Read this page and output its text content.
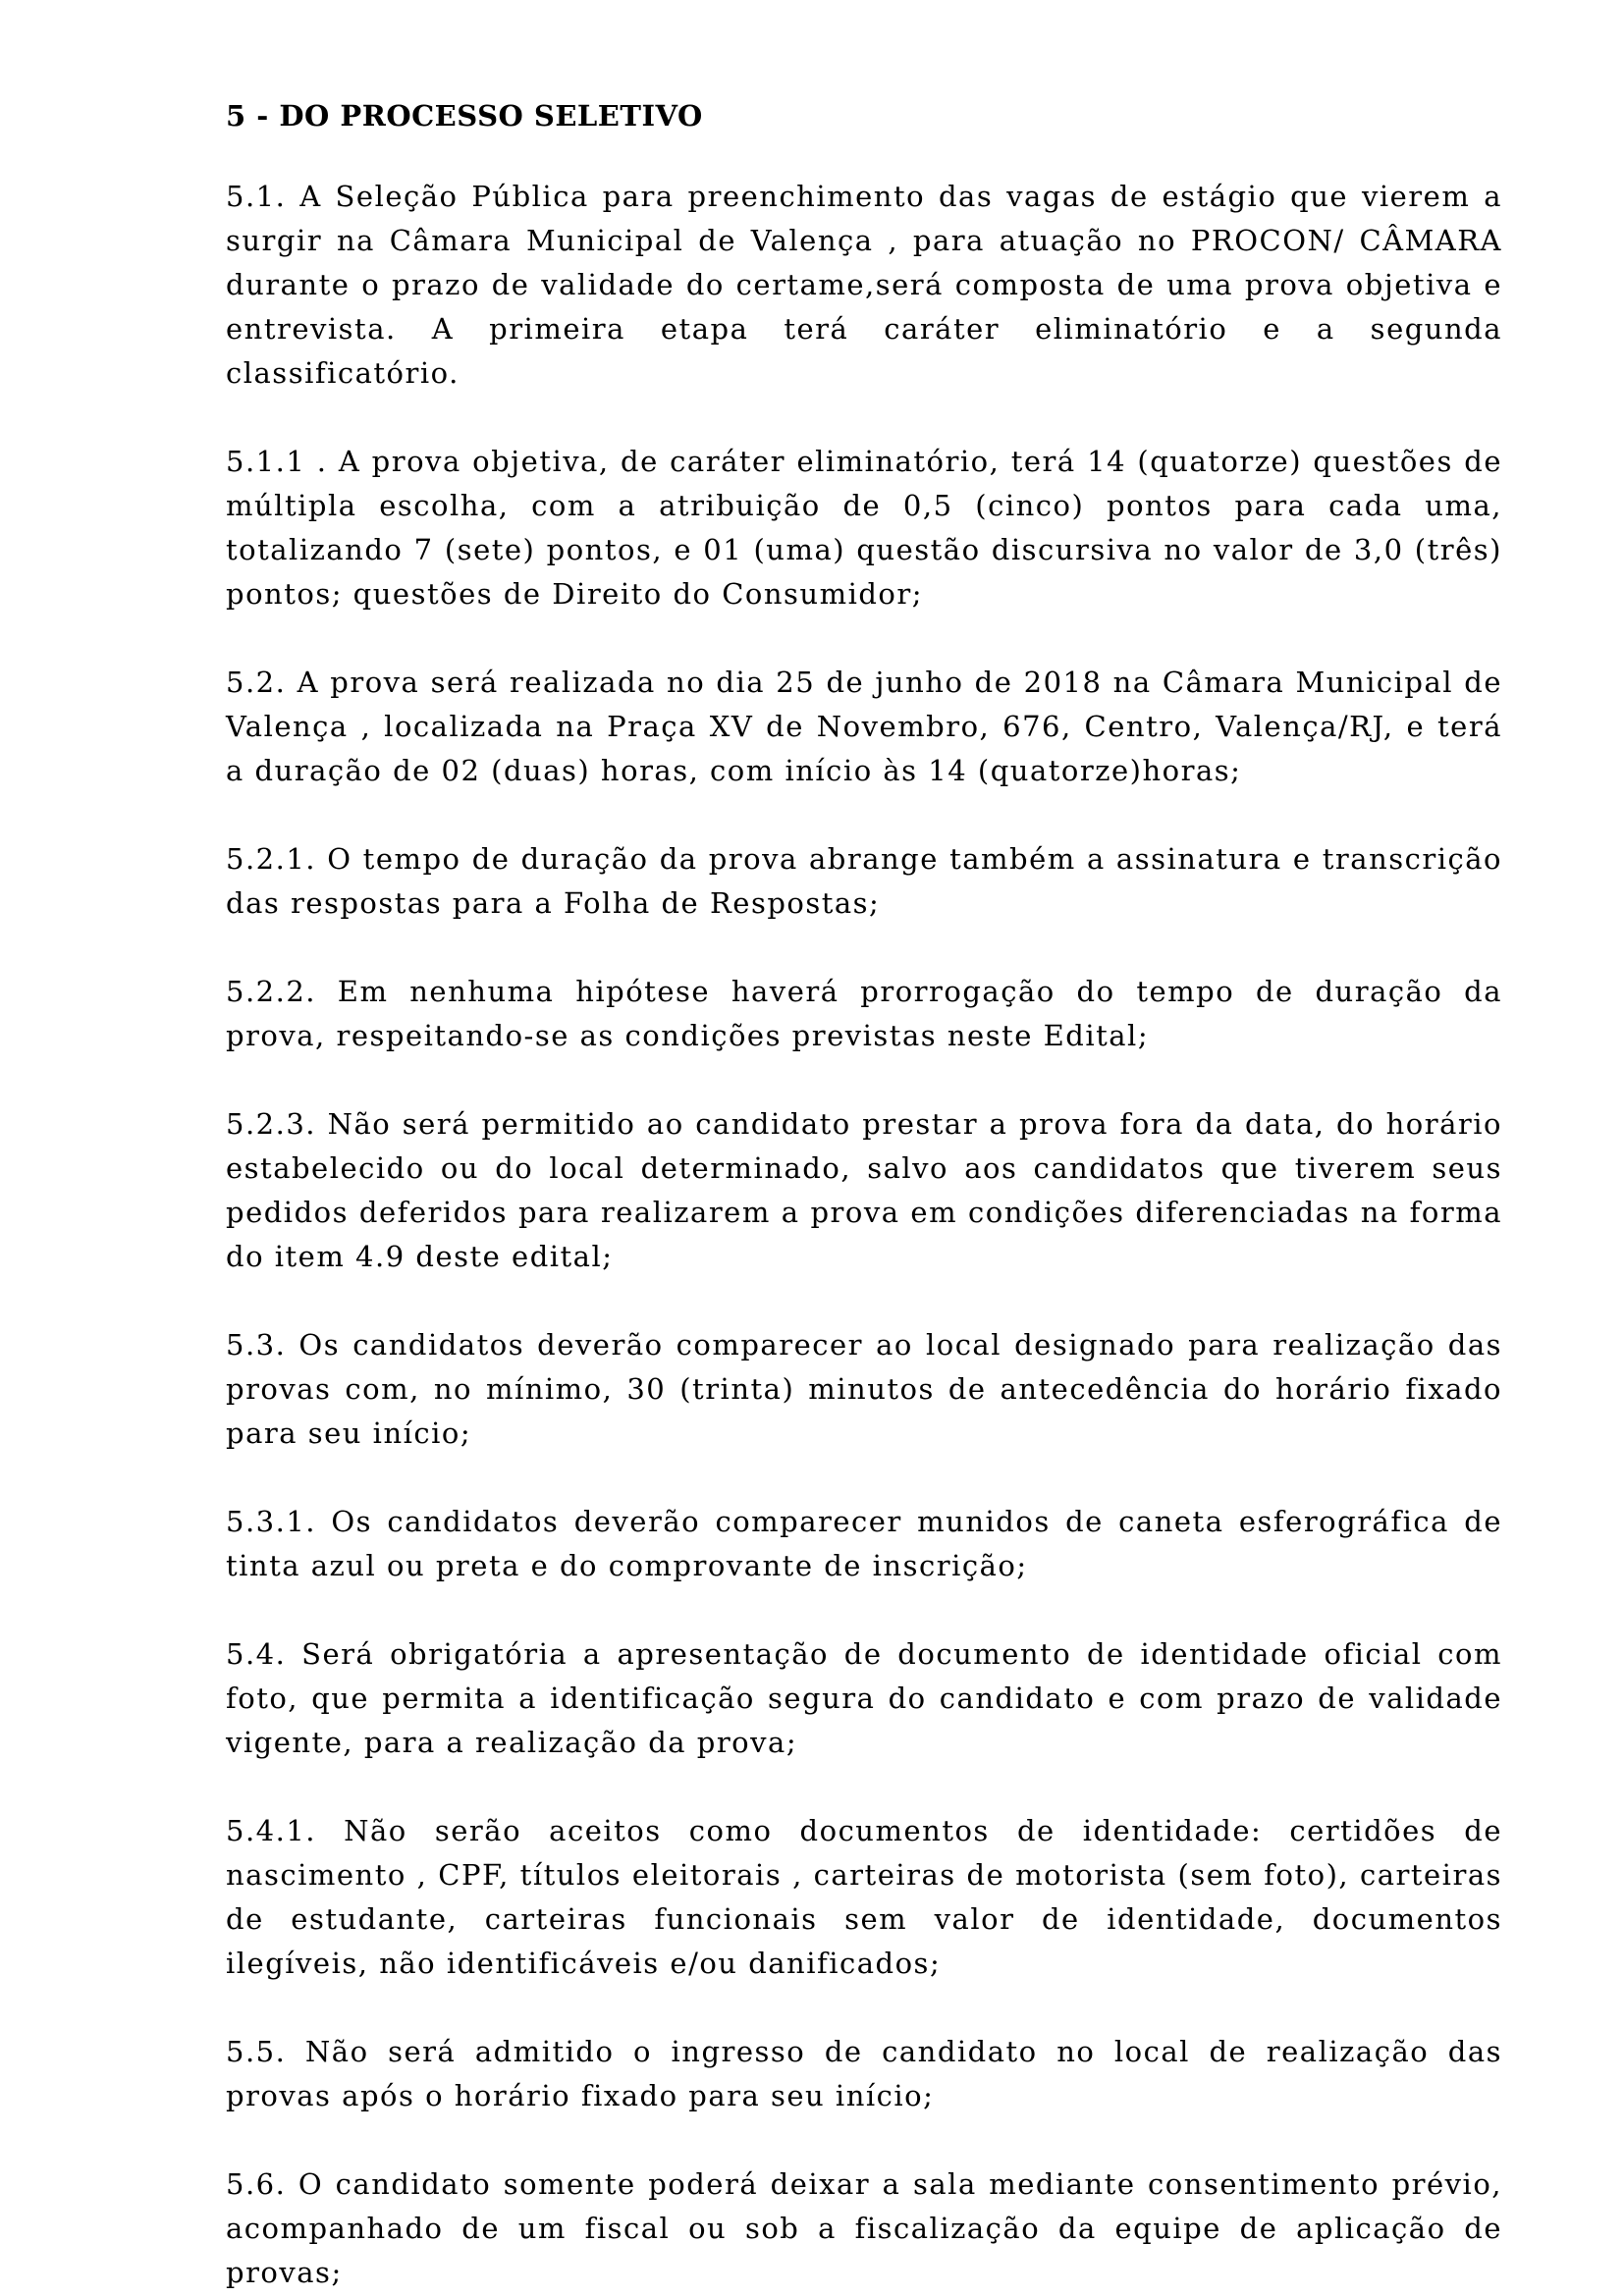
5 - DO PROCESSO SELETIVO

5.1. A Seleção Pública para preenchimento das vagas de estágio que vierem a surgir na Câmara Municipal de Valença , para atuação no PROCON/ CÂMARA durante o prazo de validade do certame,será composta de uma prova objetiva e entrevista. A primeira etapa terá caráter eliminatório e a segunda classificatório.

5.1.1 . A prova objetiva, de caráter eliminatório, terá 14 (quatorze) questões de múltipla escolha, com a atribuição de 0,5 (cinco) pontos para cada uma, totalizando 7 (sete) pontos, e 01 (uma) questão discursiva no valor de 3,0 (três) pontos; questões de Direito do Consumidor;

5.2. A prova será realizada no dia 25 de junho de 2018 na Câmara Municipal de Valença , localizada na Praça XV de Novembro, 676, Centro, Valença/RJ, e terá a duração de 02 (duas) horas, com início às 14 (quatorze)horas;

5.2.1. O tempo de duração da prova abrange também a assinatura e transcrição das respostas para a Folha de Respostas;

5.2.2. Em nenhuma hipótese haverá prorrogação do tempo de duração da prova, respeitando-se as condições previstas neste Edital;

5.2.3. Não será permitido ao candidato prestar a prova fora da data, do horário estabelecido ou do local determinado, salvo aos candidatos que tiverem seus pedidos deferidos para realizarem a prova em condições diferenciadas na forma do item 4.9 deste edital;

5.3. Os candidatos deverão comparecer ao local designado para realização das provas com, no mínimo, 30 (trinta) minutos de antecedência do horário fixado para seu início;

5.3.1. Os candidatos deverão comparecer munidos de caneta esferográfica de tinta azul ou preta e do comprovante de inscrição;

5.4. Será obrigatória a apresentação de documento de identidade oficial com foto, que permita a identificação segura do candidato e com prazo de validade vigente, para a realização da prova;

5.4.1. Não serão aceitos como documentos de identidade: certidões de nascimento , CPF, títulos eleitorais , carteiras de motorista (sem foto), carteiras de estudante, carteiras funcionais sem valor de identidade, documentos ilegíveis, não identificáveis e/ou danificados;

5.5. Não será admitido o ingresso de candidato no local de realização das provas após o horário fixado para seu início;

5.6. O candidato somente poderá deixar a sala mediante consentimento prévio, acompanhado de um fiscal ou sob a fiscalização da equipe de aplicação de provas;
